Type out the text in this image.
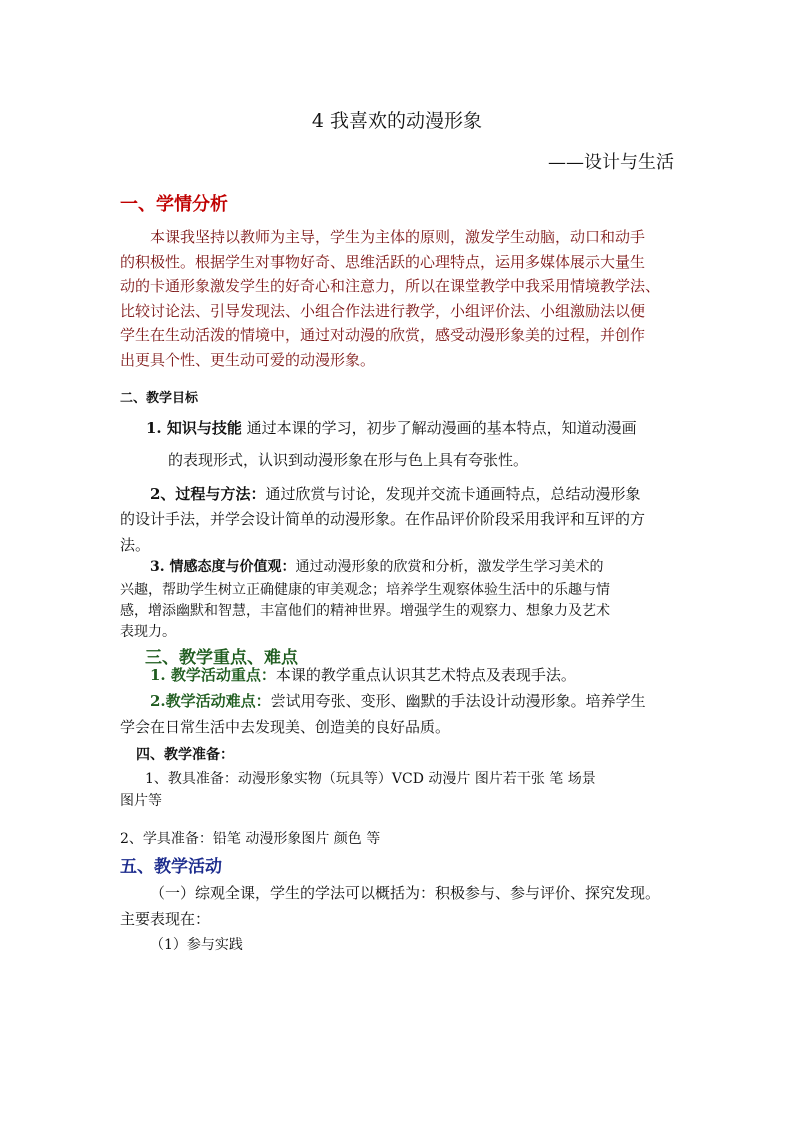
4 我喜欢的动漫形象
——设计与生活
一、学情分析
本课我坚持以教师为主导，学生为主体的原则，激发学生动脑，动口和动手
的积极性。根据学生对事物好奇、思维活跃的心理特点，运用多媒体展示大量生
动的卡通形象激发学生的好奇心和注意力，所以在课堂教学中我采用情境教学法、
比较讨论法、引导发现法、小组合作法进行教学，小组评价法、小组激励法以便
学生在生动活泼的情境中，通过对动漫的欣赏，感受动漫形象美的过程，并创作
出更具个性、更生动可爱的动漫形象。
二、教学目标
1. 知识与技能 通过本课的学习，初步了解动漫画的基本特点，知道动漫画
的表现形式，认识到动漫形象在形与色上具有夸张性。
2、过程与方法：通过欣赏与讨论，发现并交流卡通画特点，总结动漫形象
的设计手法，并学会设计简单的动漫形象。在作品评价阶段采用我评和互评的方
法。
3. 情感态度与价值观：通过动漫形象的欣赏和分析，激发学生学习美术的
兴趣，帮助学生树立正确健康的审美观念；培养学生观察体验生活中的乐趣与情
感，增添幽默和智慧，丰富他们的精神世界。增强学生的观察力、想象力及艺术
表现力。
三、教学重点、难点
1. 教学活动重点：本课的教学重点认识其艺术特点及表现手法。
2.教学活动难点：尝试用夸张、变形、幽默的手法设计动漫形象。培养学生
学会在日常生活中去发现美、创造美的良好品质。
四、教学准备：
1、教具准备：动漫形象实物（玩具等）VCD 动漫片 图片若干张 笔 场景
图片等
2、学具准备：铅笔 动漫形象图片 颜色 等
五、教学活动
（一）综观全课，学生的学法可以概括为：积极参与、参与评价、探究发现。
主要表现在：
（1）参与实践
